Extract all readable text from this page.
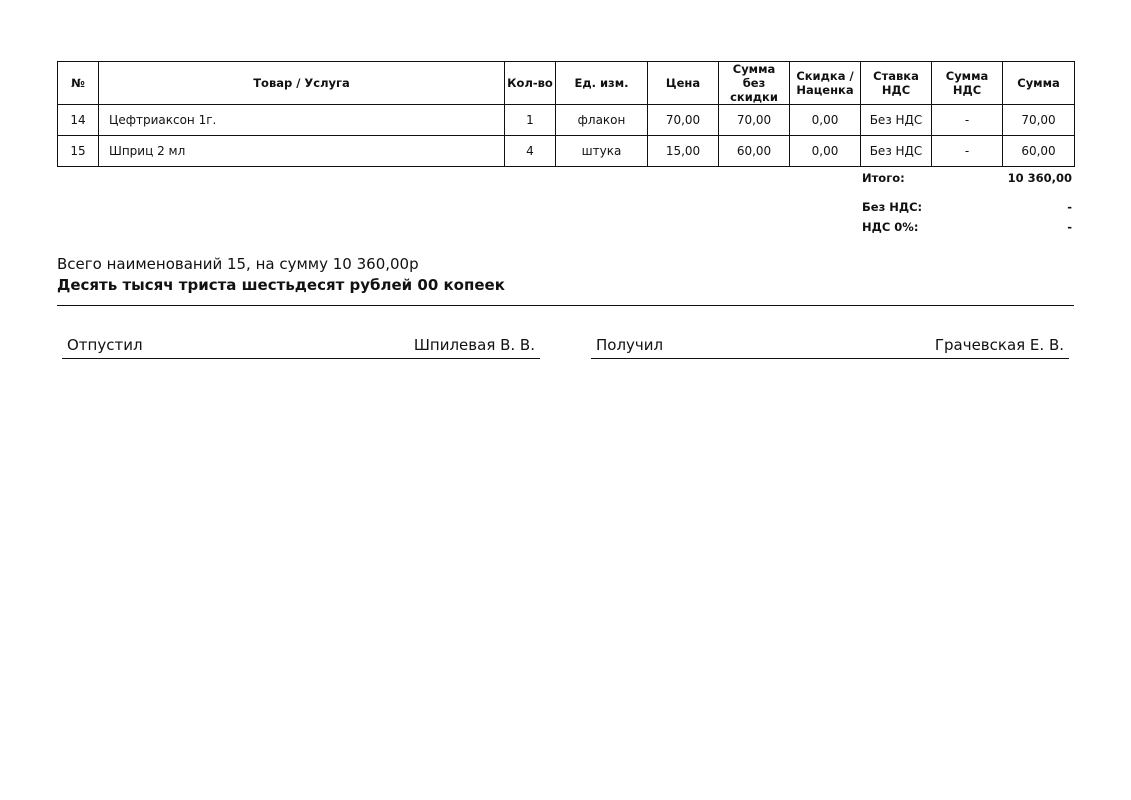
№	Товар / Услуга	Кол-во	Ед. изм.	Цена	Сумма без скидки	Скидка / Наценка	Ставка НДС	Сумма НДС	Сумма
14	Цефтриаксон 1г.	1	флакон	70,00	70,00	0,00	Без НДС	-	70,00
15	Шприц 2 мл	4	штука	15,00	60,00	0,00	Без НДС	-	60,00
Итого:	10 360,00
Без НДС:	-
НДС 0%:	-
Всего наименований 15, на сумму 10 360,00р
Десять тысяч триста шестьдесят рублей 00 копеек
Отпустил	Шпилевая В. В.	Получил	Грачевская Е. В.
